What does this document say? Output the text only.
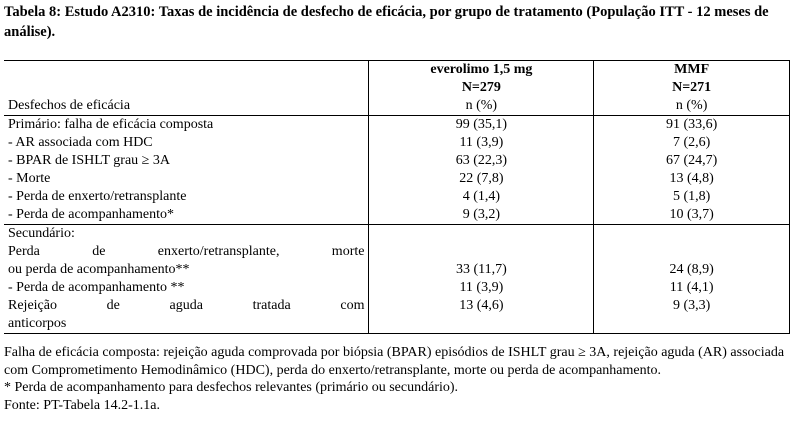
Tabela 8: Estudo A2310: Taxas de incidência de desfecho de eficácia, por grupo de tratamento (População ITT - 12 meses de análise).
	everolimo 1,5 mg	MMF
	N=279	N=271
Desfechos de eficácia	n (%)	n (%)
Primário: falha de eficácia composta	99 (35,1)	91 (33,6)
- AR associada com HDC	11 (3,9)	7 (2,6)
- BPAR de ISHLT grau ≥ 3A	63 (22,3)	67 (24,7)
- Morte	22 (7,8)	13 (4,8)
- Perda de enxerto/retransplante	4 (1,4)	5 (1,8)
- Perda de acompanhamento*	9 (3,2)	10 (3,7)
Secundário:		
Perda de enxerto/retransplante, morte		
ou perda de acompanhamento**	33 (11,7)	24 (8,9)
- Perda de acompanhamento **	11 (3,9)	11 (4,1)
Rejeição de aguda tratada com	13 (4,6)	9 (3,3)
anticorpos		

Falha de eficácia composta: rejeição aguda comprovada por biópsia (BPAR) episódios de ISHLT grau ≥ 3A, rejeição aguda (AR) associada com Comprometimento Hemodinâmico (HDC), perda do enxerto/retransplante, morte ou perda de acompanhamento.

* Perda de acompanhamento para desfechos relevantes (primário ou secundário).

Fonte: PT-Tabela 14.2-1.1a.
